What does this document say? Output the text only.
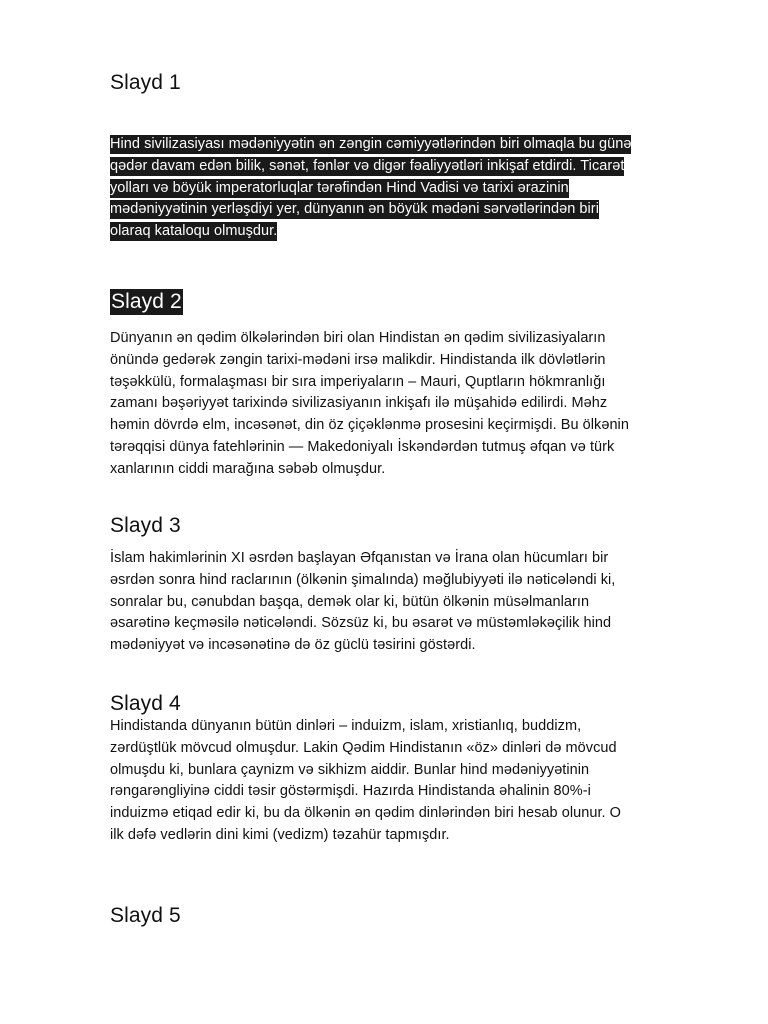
Slayd 1

Hind sivilizasiyası mədəniyyətin ən zəngin cəmiyyətlərindən biri olmaqla bu günə
qədər davam edən bilik, sənət, fənlər və digər fəaliyyətləri inkişaf etdirdi. Ticarət
yolları və böyük imperatorluqlar tərəfindən Hind Vadisi və tarixi ərazinin
mədəniyyətinin yerləşdiyi yer, dünyanın ən böyük mədəni sərvətlərindən biri
olaraq kataloqu olmuşdur.

Slayd 2

Dünyanın ən qədim ölkələrindən biri olan Hindistan ən qədim sivilizasiyaların
önündə gedərək zəngin tarixi-mədəni irsə malikdir. Hindistanda ilk dövlətlərin
təşəkkülü, formalaşması bir sıra imperiyaların – Mauri, Quptların hökmranlığı
zamanı bəşəriyyət tarixində sivilizasiyanın inkişafı ilə müşahidə edilirdi. Məhz
həmin dövrdə elm, incəsənət, din öz çiçəklənmə prosesini keçirmişdi. Bu ölkənin
tərəqqisi dünya fatehlərinin — Makedoniyalı İskəndərdən tutmuş əfqan və türk
xanlarının ciddi marağına səbəb olmuşdur.

Slayd 3

İslam hakimlərinin XI əsrdən başlayan Əfqanıstan və İrana olan hücumları bir
əsrdən sonra hind raclarının (ölkənin şimalında) məğlubiyyəti ilə nəticələndi ki,
sonralar bu, cənubdan başqa, demək olar ki, bütün ölkənin müsəlmanların
əsarətinə keçməsilə nəticələndi. Sözsüz ki, bu əsarət və müstəmləkəçilik hind
mədəniyyət və incəsənətinə də öz güclü təsirini göstərdi.

Slayd 4

Hindistanda dünyanın bütün dinləri – induizm, islam, xristianlıq, buddizm,
zərdüştlük mövcud olmuşdur. Lakin Qədim Hindistanın «öz» dinləri də mövcud
olmuşdu ki, bunlara çaynizm və sikhizm aiddir. Bunlar hind mədəniyyətinin
rəngarəngliyinə ciddi təsir göstərmişdi. Hazırda Hindistanda əhalinin 80%-i
induizmə etiqad edir ki, bu da ölkənin ən qədim dinlərindən biri hesab olunur. O
ilk dəfə vedlərin dini kimi (vedizm) təzahür tapmışdır.

Slayd 5
